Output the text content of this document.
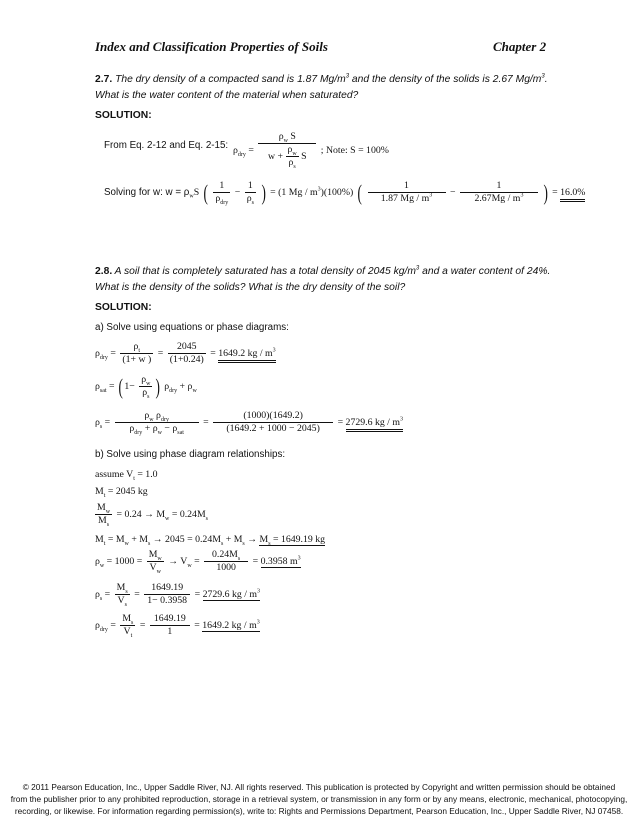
Index and Classification Properties of Soils	Chapter 2
2.7. The dry density of a compacted sand is 1.87 $Mg/m^3$ and the density of the solids is 2.67 $Mg/m^3$. What is the water content of the material when saturated?
SOLUTION:
From Eq. 2-12 and Eq. 2-15: $\rho_{dry} = \frac{\rho_w S}{w + \frac{\rho_w}{\rho_s} S}$ ; Note: S = 100%
Solving for w: $w = \rho_wS$ ( $\frac{1}{\rho_{dry}} - \frac{1}{\rho_s}$ ) = (1 Mg / $m^3)(100\%)$ ( $\frac{1}{1.87 Mg / m^3} - \frac{1}{2.67Mg / m^3}$ ) = 16.0%
2.8. A soil that is completely saturated has a total density of 2045 $kg/m^3$ and a water content of 24%. What is the density of the solids? What is the dry density of the soil?
SOLUTION:
a) Solve using equations or phase diagrams:
$\rho_{dry} = \frac{\rho_t}{(1+ w )} = \frac{2045}{(1+0.24)} = 1649.2$ kg / $m^3$
$\rho_{sat} = (1- \frac{\rho_w}{\rho_s}$ ) $\rho_{dry} + \rho_w$
$\rho_s = \frac{\rho_w \rho_{dry}}{\rho_{dry} + \rho_w - \rho_{sat}} = \frac{(1000)(1649.2)}{(1649.2 + 1000 - 2045)} = 2729.6$ kg / $m^3$
b) Solve using phase diagram relationships:
assume $V_t = 1.0$
$M_t = 2045$ kg
$\frac{M_w}{M_s} = 0.24 \to M_w = 0.24M_s$
$M_t = M_w + M_s \to 2045 = 0.24M_s + M_s \to M_s = 1649.19$ kg
$\rho_w = 1000 = \frac{M_w}{V_w} \to V_w = \frac{0.24M_s}{1000} = 0.3958$ $m^3$
$\rho_s = \frac{M_s}{V_s} = \frac{1649.19}{1- 0.3958} = 2729.6$ kg / $m^3$
$\rho_{dry} = \frac{M_s}{V_t} = \frac{1649.19}{1} = 1649.2$ kg / $m^3$
© 2011 Pearson Education, Inc., Upper Saddle River, NJ. All rights reserved. This publication is protected by Copyright and written permission should be obtained
from the publisher prior to any prohibited reproduction, storage in a retrieval system, or transmission in any form or by any means, electronic, mechanical, photocopying,
recording, or likewise. For information regarding permission(s), write to: Rights and Permissions Department, Pearson Education, Inc., Upper Saddle River, NJ 07458.
